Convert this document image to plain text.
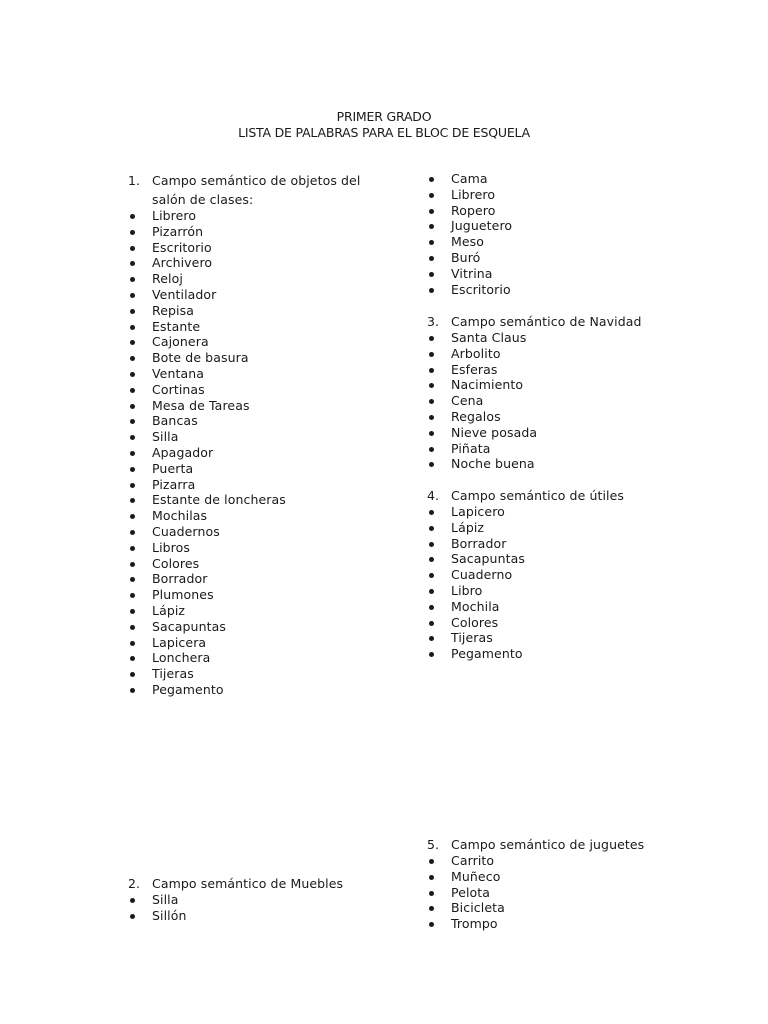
PRIMER GRADO
LISTA DE PALABRAS PARA EL BLOC DE ESQUELA
1. Campo semántico de objetos del
salón de clases:
Librero
Pizarrón
Escritorio
Archivero
Reloj
Ventilador
Repisa
Estante
Cajonera
Bote de basura
Ventana
Cortinas
Mesa de Tareas
Bancas
Silla
Apagador
Puerta
Pizarra
Estante de loncheras
Mochilas
Cuadernos
Libros
Colores
Borrador
Plumones
Lápiz
Sacapuntas
Lapicera
Lonchera
Tijeras
Pegamento
2. Campo semántico de Muebles
Silla
Sillón
Cama
Librero
Ropero
Juguetero
Meso
Buró
Vitrina
Escritorio
3. Campo semántico de Navidad
Santa Claus
Arbolito
Esferas
Nacimiento
Cena
Regalos
Nieve posada
Piñata
Noche buena
4. Campo semántico de útiles
Lapicero
Lápiz
Borrador
Sacapuntas
Cuaderno
Libro
Mochila
Colores
Tijeras
Pegamento
5. Campo semántico de juguetes
Carrito
Muñeco
Pelota
Bicicleta
Trompo
